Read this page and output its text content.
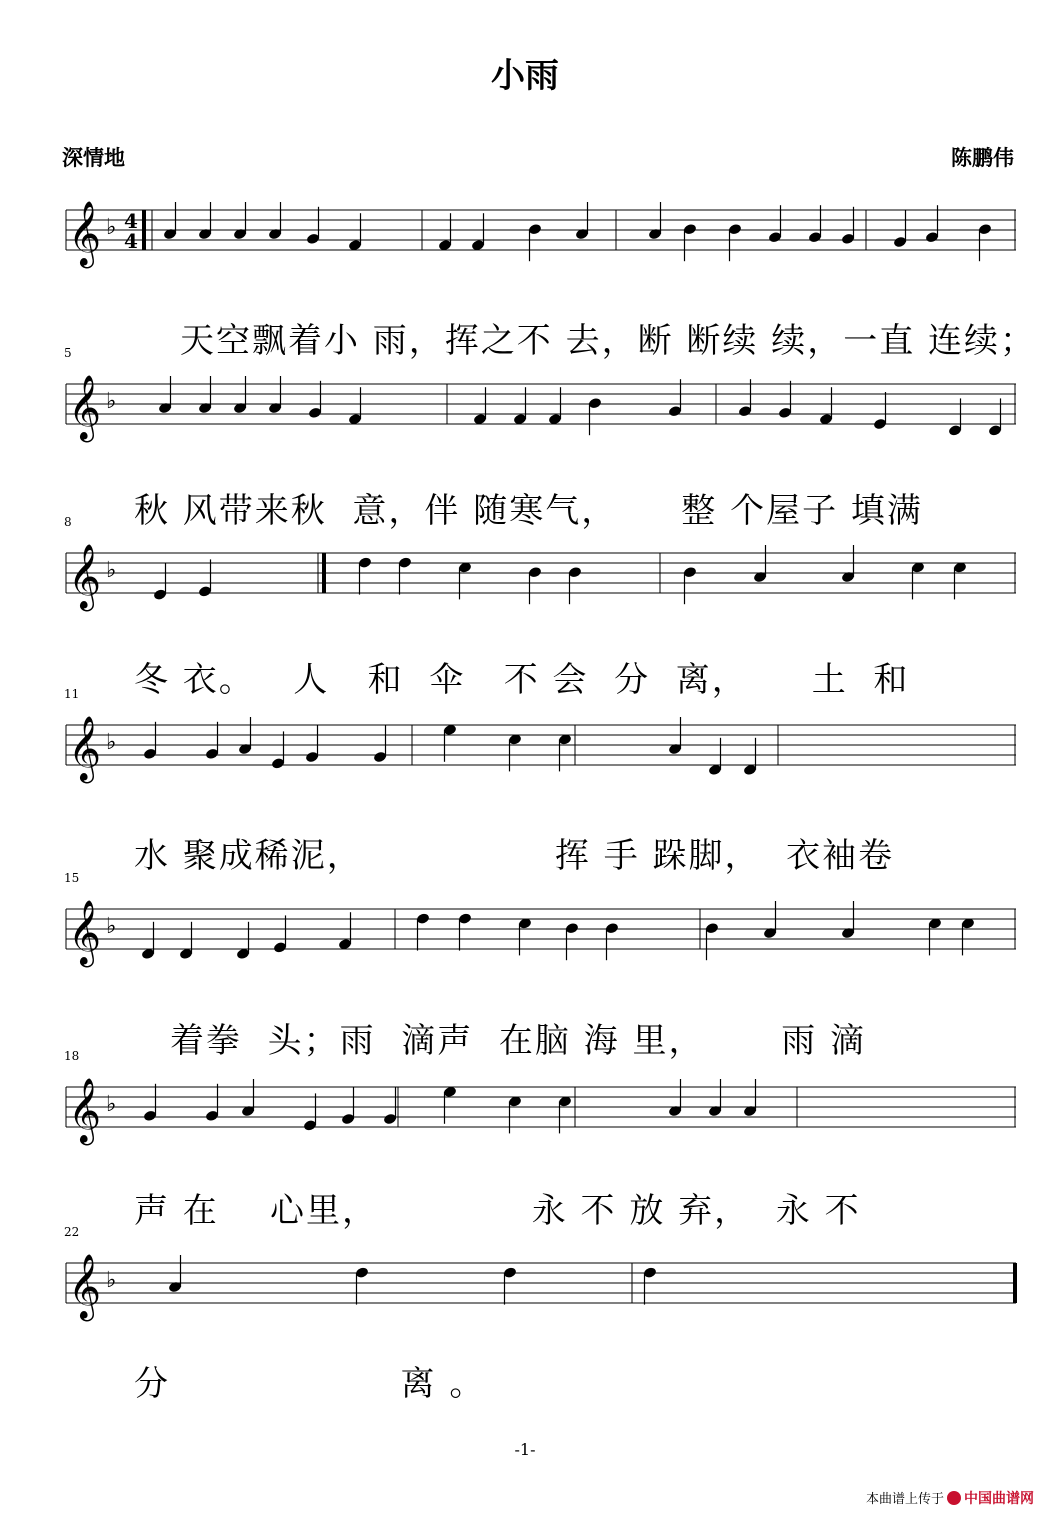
小雨
深情地	陈鹏伟
𝄞 ♭ 4
4
𝄞 ♭
𝄞 ♭
𝄞 ♭
𝄞 ♭
𝄞 ♭
𝄞 ♭
-1-
本曲谱上传于 中国曲谱网
天空飘着小 雨，挥之不 去，断 断续 续，一直 连续；
5
秋 风带来秋  意，伴 随寒气，     整 个屋子 填满
8
冬 衣。   人   和  伞   不 会  分  离，     土  和
11
水 聚成稀泥，               挥 手 跺脚，  衣袖卷
15
着拳  头；雨  滴声  在脑 海 里，      雨 滴
18
声 在    心里，            永 不 放 弃，  永 不
22
分                  离 。
